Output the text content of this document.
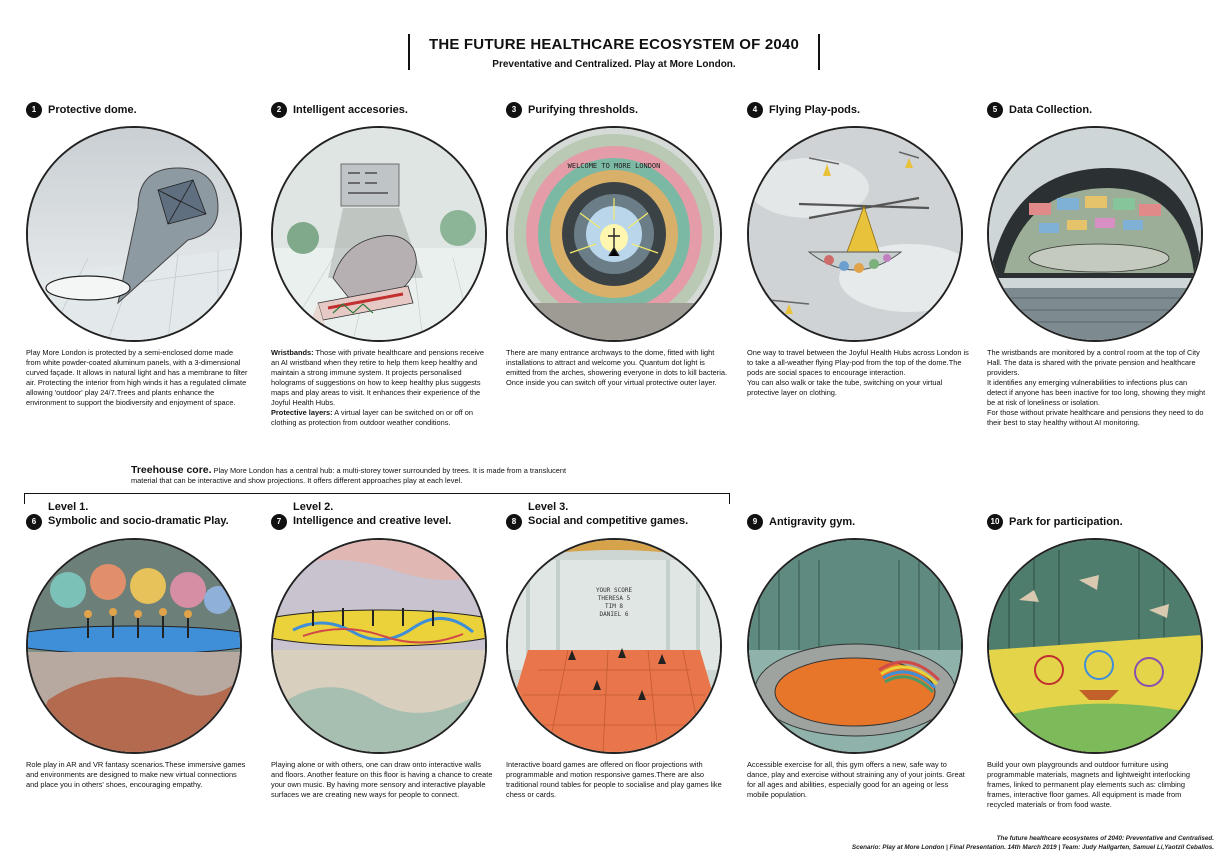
THE FUTURE HEALTHCARE ECOSYSTEM OF 2040
Preventative and Centralized. Play at More London.
1	Protective dome.

Play More London is protected by a semi-enclosed dome made from white powder-coated aluminum panels, with a 3-dimensional curved façade. It allows in natural light and has a membrane to filter air. Protecting the interior from high winds it has a regulated climate allowing 'outdoor' play 24/7.Trees and plants enhance the environment to support the biodiversity and enjoyment of space.

2	Intelligent accesories.

Wristbands: Those with private healthcare and pensions receive an AI wristband when they retire to help them keep healthy and maintain a strong immune system. It projects personalised holograms of suggestions on how to keep healthy plus suggests maps and play areas to visit. It enhances their experience of the Joyful Health Hubs.

Protective layers: A virtual layer can be switched on or off on clothing as protection from outdoor weather conditions.

3	Purifying thresholds.
WELCOME TO MORE LONDON

There are many entrance archways to the dome, fitted with light installations to attract and welcome you. Quantum dot light is emitted from the arches, showering everyone in dots to kill bacteria.

Once inside you can switch off your virtual protective outer layer.

4	Flying Play-pods.

One way to travel between the Joyful Health Hubs across London is to take a all-weather flying Play-pod from the top of the dome.The pods are social spaces to encourage interaction.

You can also walk or take the tube, switching on your virtual protective layer on clothing.

5	Data Collection.

The wristbands are monitored by a control room at the top of City Hall. The data is shared with the private pension and healthcare providers.

It identifies any emerging vulnerabilities to infections plus can detect if anyone has been inactive for too long, showing they might be at risk of loneliness or isolation.

For those without private healthcare and pensions they need to do their best to stay healthy without AI monitoring.

Treehouse core. Play More London has a central hub: a multi-storey tower surrounded by trees. It is made from a translucent material that can be interactive and show projections. It offers different approaches play at each level.
6
Level 1.
Symbolic and socio-dramatic Play.

Role play in AR and VR fantasy scenarios.These immersive games and environments are designed to make new virtual connections and place you in others' shoes, encouraging empathy.

7
Level 2.
Intelligence and creative level.

Playing alone or with others, one can draw onto interactive walls and floors. Another feature on this floor is having a chance to create your own music. By having more sensory and interactive playable surfaces we are creating new ways for people to connect.

8
Level 3.
Social and competitive games.
YOUR SCORE
THERESA 5
TIM 8
DANIEL 6

Interactive board games are offered on floor projections with programmable and motion responsive games.There are also traditional round tables for people to socialise and play games like chess or cards.

9	Antigravity gym.

Accessible exercise for all, this gym offers a new, safe way to dance, play and exercise without straining any of your joints. Great for all ages and abilities, especially good for an ageing or less mobile population.

10 Park for participation.

Build your own playgrounds and outdoor furniture using programmable materials, magnets and lightweight interlocking frames, linked to permanent play elements such as: climbing frames, interactive floor games. All equipment is made from recycled materials or from food waste.

The future healthcare ecosystems of 2040: Preventative and Centralised.
Scenario: Play at More London | Final Presentation. 14th March 2019 | Team: Judy Hallgarten, Samuel Li,Yaotzil Ceballos.
